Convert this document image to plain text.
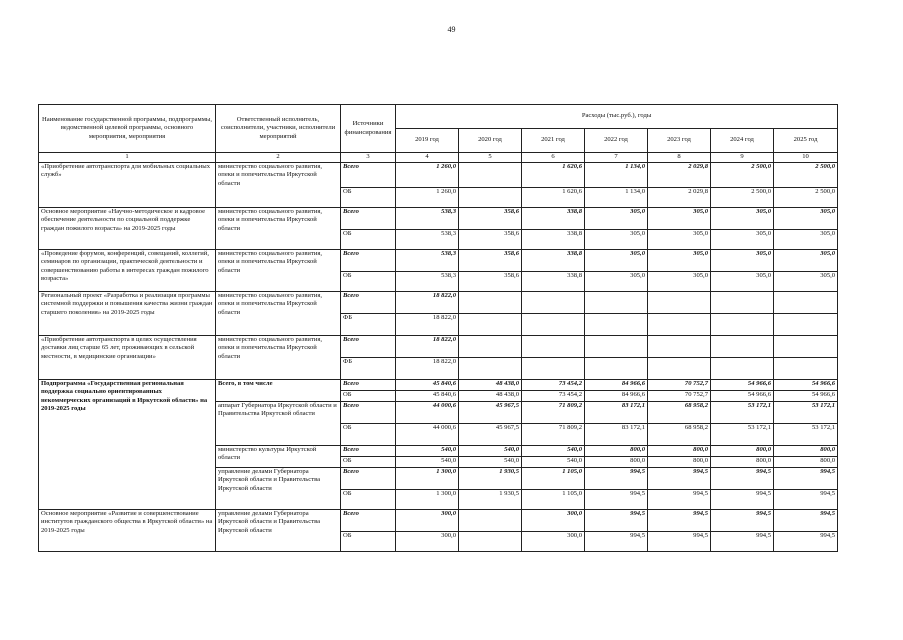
49
Наименование государственной программы, подпрограммы, ведомственной целевой программы, основного мероприятия, мероприятия	Ответственный исполнитель, соисполнители, участники, исполнители мероприятий	Источники финансирования	Расходы (тыс.руб.), годы						
			2019 год	2020 год	2021 год	2022 год	2023 год	2024 год	2025 год
1	2	3	4	5	6	7	8	9	10
«Приобретение автотранспорта для мобильных социальных служб»	министерство социального развития, опеки и попечительства Иркутской области	Всего	1 260,0		1 620,6	1 134,0	2 029,8	2 500,0	2 500,0
		ОБ	1 260,0		1 620,6	1 134,0	2 029,8	2 500,0	2 500,0
Основное мероприятие «Научно-методическое и кадровое обеспечение деятельности по социальной поддержке граждан пожилого возраста» на 2019-2025 годы	министерство социального развития, опеки и попечительства Иркутской области	Всего	538,3	358,6	338,8	305,0	305,0	305,0	305,0
		ОБ	538,3	358,6	338,8	305,0	305,0	305,0	305,0
«Проведение форумов, конференций, совещаний, коллегий, семинаров по организации, практической деятельности и совершенствованию работы в интересах граждан пожилого возраста»	министерство социального развития, опеки и попечительства Иркутской области	Всего	538,3	358,6	338,8	305,0	305,0	305,0	305,0
		ОБ	538,3	358,6	338,8	305,0	305,0	305,0	305,0
Региональный проект «Разработка и реализация программы системной поддержки и повышения качества жизни граждан старшего поколения» на 2019-2025 годы	министерство социального развития, опеки и попечительства Иркутской области	Всего	18 822,0						
		ФБ	18 822,0						
«Приобретение автотранспорта в целях осуществления доставки лиц старше 65 лет, проживающих в сельской местности, в медицинские организации»	министерство социального развития, опеки и попечительства Иркутской области	Всего	18 822,0						
		ФБ	18 822,0						
Подпрограмма «Государственная региональная поддержка социально ориентированных некоммерческих организаций в Иркутской области» на 2019-2025 годы	Всего, в том числе	Всего	45 840,6	48 438,0	73 454,2	84 966,6	70 752,7	54 966,6	54 966,6
		ОБ	45 840,6	48 438,0	73 454,2	84 966,6	70 752,7	54 966,6	54 966,6
	аппарат Губернатора Иркутской области и Правительства Иркутской области	Всего	44 000,6	45 967,5	71 809,2	83 172,1	68 958,2	53 172,1	53 172,1
		ОБ	44 000,6	45 967,5	71 809,2	83 172,1	68 958,2	53 172,1	53 172,1
	министерство культуры Иркутской области	Всего	540,0	540,0	540,0	800,0	800,0	800,0	800,0
		ОБ	540,0	540,0	540,0	800,0	800,0	800,0	800,0
	управление делами Губернатора Иркутской области и Правительства Иркутской области	Всего	1 300,0	1 930,5	1 105,0	994,5	994,5	994,5	994,5
		ОБ	1 300,0	1 930,5	1 105,0	994,5	994,5	994,5	994,5
Основное мероприятие «Развитие и совершенствование институтов гражданского общества в Иркутской области» на 2019-2025 годы	управление делами Губернатора Иркутской области и Правительства Иркутской области	Всего	300,0		300,0	994,5	994,5	994,5	994,5
		ОБ	300,0		300,0	994,5	994,5	994,5	994,5
